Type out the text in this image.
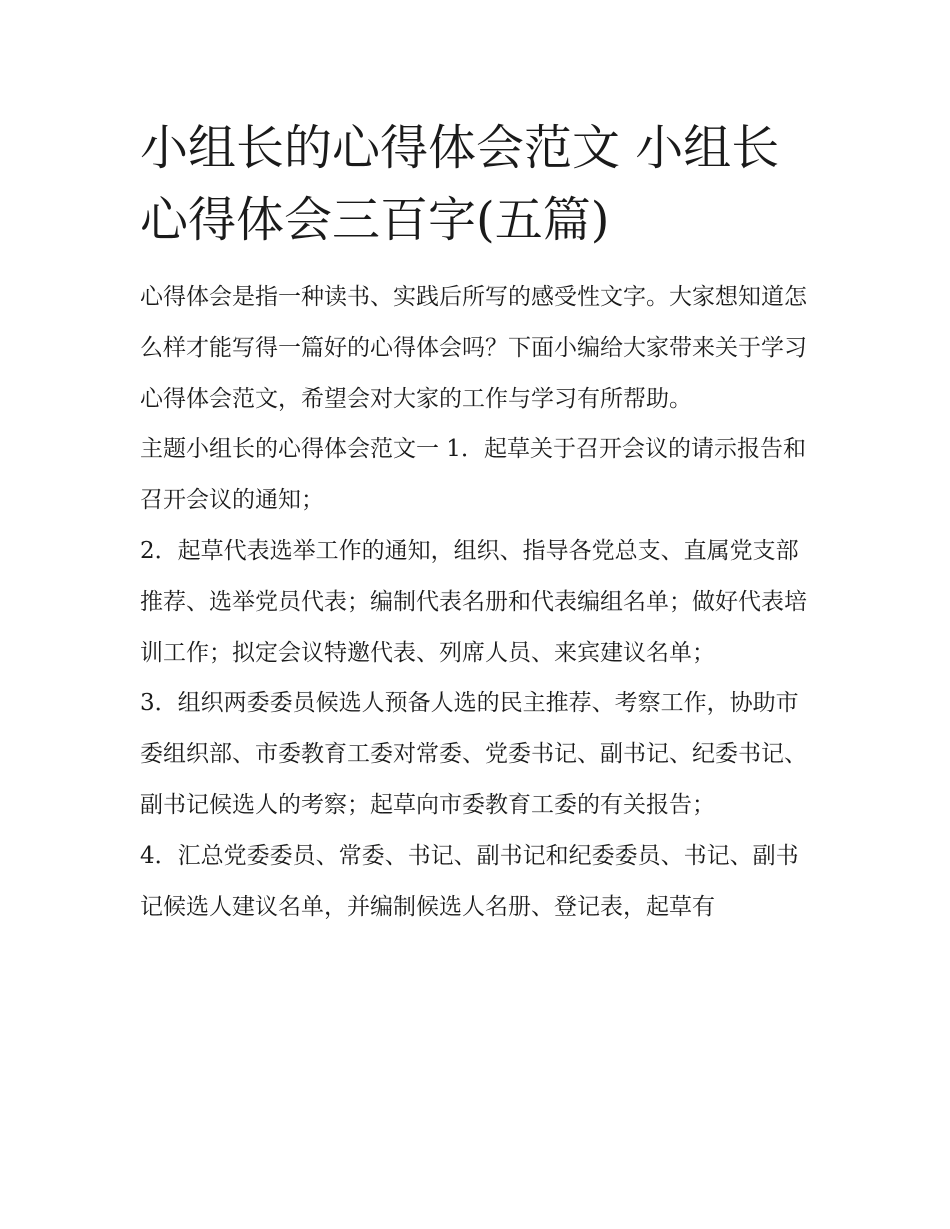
小组长的心得体会范文 小组长心得体会三百字(五篇)

心得体会是指一种读书、实践后所写的感受性文字。大家想知道怎么样才能写得一篇好的心得体会吗？下面小编给大家带来关于学习心得体会范文，希望会对大家的工作与学习有所帮助。

主题小组长的心得体会范文一 1．起草关于召开会议的请示报告和召开会议的通知；

2．起草代表选举工作的通知，组织、指导各党总支、直属党支部推荐、选举党员代表；编制代表名册和代表编组名单；做好代表培训工作；拟定会议特邀代表、列席人员、来宾建议名单；

3．组织两委委员候选人预备人选的民主推荐、考察工作，协助市委组织部、市委教育工委对常委、党委书记、副书记、纪委书记、副书记候选人的考察；起草向市委教育工委的有关报告；

4．汇总党委委员、常委、书记、副书记和纪委委员、书记、副书记候选人建议名单，并编制候选人名册、登记表，起草有
